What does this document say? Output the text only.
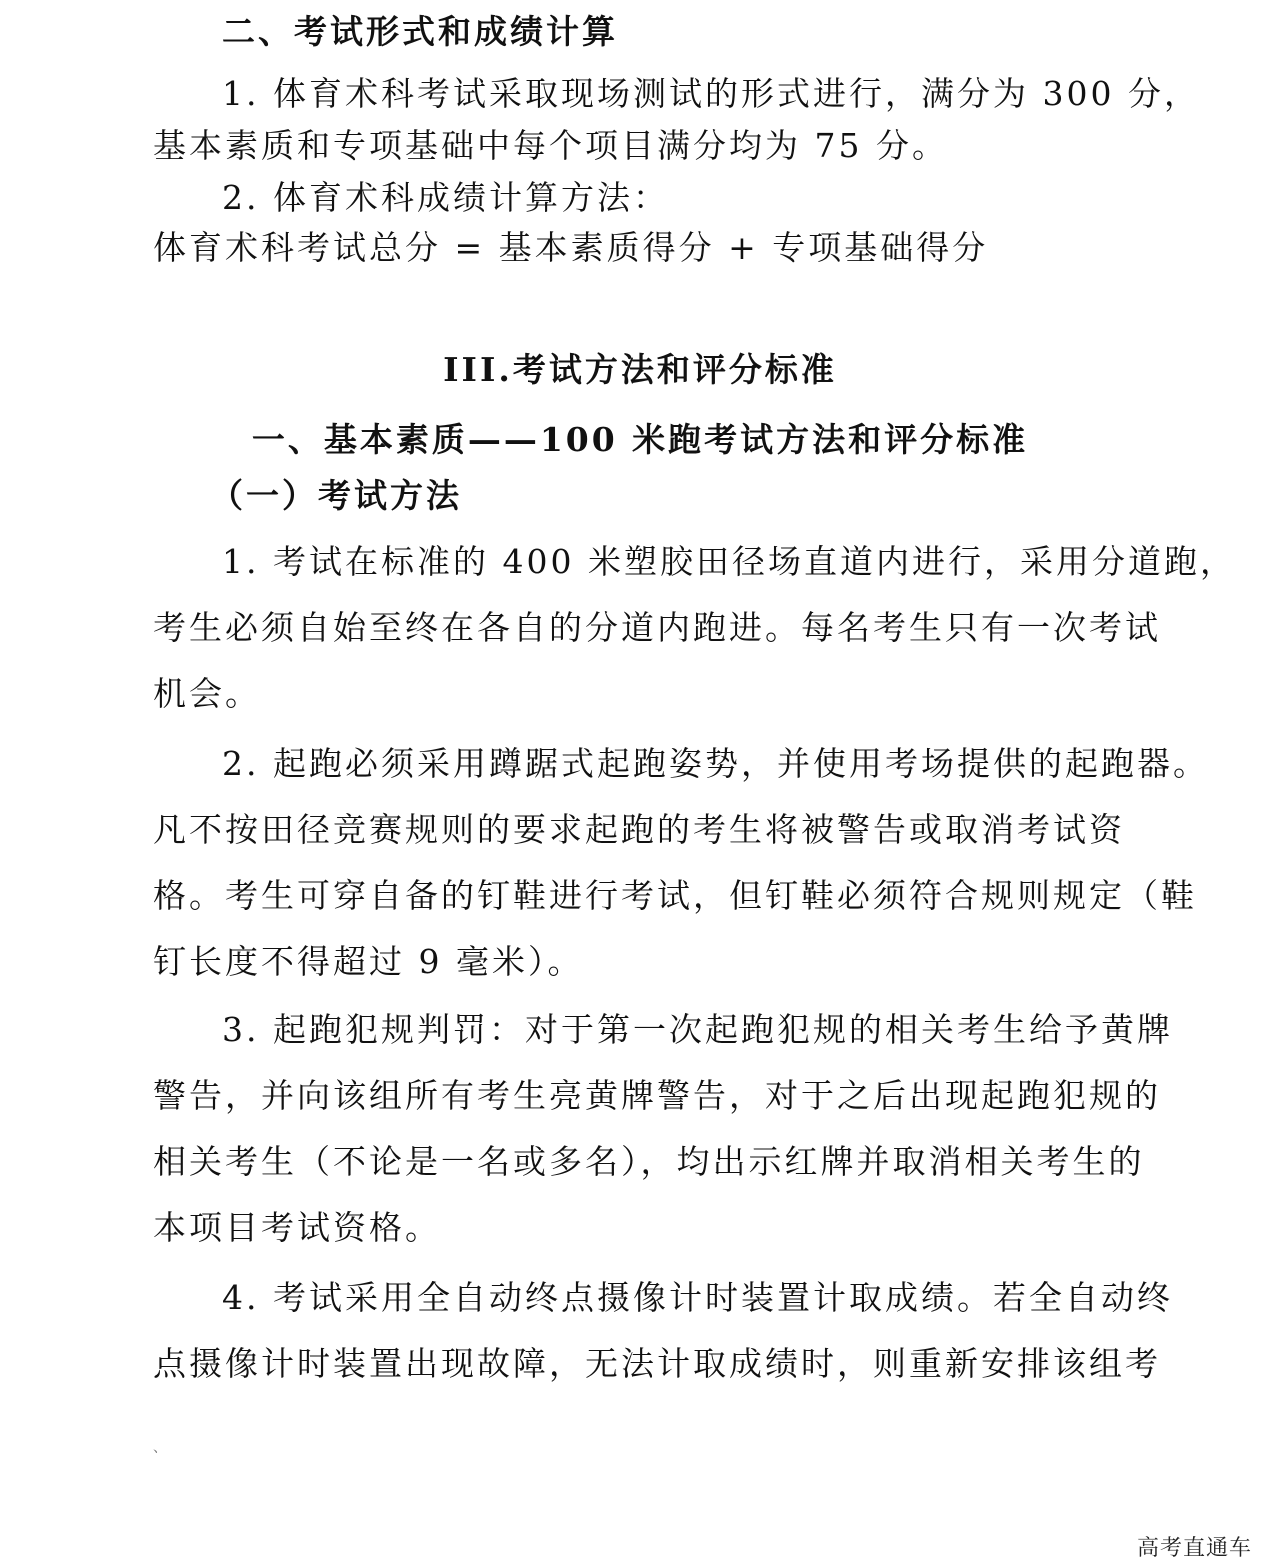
二、考试形式和成绩计算
1. 体育术科考试采取现场测试的形式进行，满分为 300 分，
基本素质和专项基础中每个项目满分均为 75 分。
2. 体育术科成绩计算方法：
体育术科考试总分 = 基本素质得分 + 专项基础得分
III.考试方法和评分标准
一、基本素质——100 米跑考试方法和评分标准
（一）考试方法
1. 考试在标准的 400 米塑胶田径场直道内进行，采用分道跑，
考生必须自始至终在各自的分道内跑进。每名考生只有一次考试
机会。
2. 起跑必须采用蹲踞式起跑姿势，并使用考场提供的起跑器。
凡不按田径竞赛规则的要求起跑的考生将被警告或取消考试资
格。考生可穿自备的钉鞋进行考试，但钉鞋必须符合规则规定（鞋
钉长度不得超过 9 毫米）。
3. 起跑犯规判罚：对于第一次起跑犯规的相关考生给予黄牌
警告，并向该组所有考生亮黄牌警告，对于之后出现起跑犯规的
相关考生（不论是一名或多名），均出示红牌并取消相关考生的
本项目考试资格。
4. 考试采用全自动终点摄像计时装置计取成绩。若全自动终
点摄像计时装置出现故障，无法计取成绩时，则重新安排该组考
、
高考直通车
